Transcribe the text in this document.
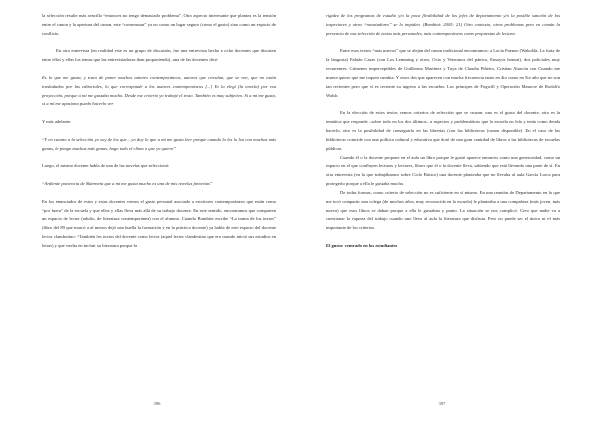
la selección resulte más sencilla “entonces no tengo demasiado problema”. Otro aspecto interesante que plantea es la tensión entre el canon y la apertura del canon, este “consensuar” ya no como un lugar seguro (como el gusto) sino como un espacio de conflicto.

En otra entrevista (en realidad este es un grupo de discusión, fue una entrevista hecha a ocho docentes que discuten entre ellos y ellas los temas que las entrevistadoras iban proponiendo), una de las docentes dice:

Es lo que me gusta, y trato de poner muchos autores contemporáneos, autores que circulan, que se ven, que no están trasladados por las editoriales, lo que corresponde a los autores contemporáneos [...] Yo la elegí (la novela) por esa proyección, porque a mí me gustaba mucho. Desde ese criterio yo trabajé el texto. También es muy subjetivo. Si a mí me gusta, si a mí me apasiona puedo hacerlo ver

Y más adelante:

“Y en cuanto a la selección yo soy de los que... yo doy lo que a mí me gusta leer porque cuando lo les lo lea con muchas más ganas, le pongo muchas más ganas, hago todo el clima o que yo quiero”

Luego, el mismo docente habla de una de las novelas que seleccionó:

“Ardiente paciencia de Skármeta que a mí me gusta mucho es una de mis novelas favoritas”

En los enunciados de estos y estas docentes vemos el gusto personal asociado a escritores contemporáneos que están como “por fuera” de la escuela y que ellos y ellas lleva más allá de su trabajo docente. En este sentido, encontramos que comparten un espacio de lector (adulto, de literatura contemporánea) con el alumno. Cuando Bombini escribe “La trama de los textos” (libro del 89 que marcó a al menos dejó una huella la formación y en la práctica docente) ya habla de este espacio del docente lector clandestino: “También los textos del docente como lector (aquel lector clandestino que era cuando inició sus estudios en letras) y que vuelta en incluir su literatura porque la

396

rigidez de los programas de estudio y/o la poca flexibilidad de los jefes de departamento y/o la posible sanción de los inspectores y otros “novatadores” se lo impiden. (Bombini: 2005: 21) Otro contexto, otros problemas pero en común la presencia de esa selección de textos más personales, más contemporáneos como propuestas de lectura.

Entre esos textos “más nuevos” que se alejan del canon tradicional encontramos: a Lucía Puenzo (Wakolda, La furia de la langosta) Fabián Casas (con Los Lemming y otros, Ocio y Veteranos del pánico, Ensayos bonsai), dos policiales muy recurrentes: Crímenes imperceptibles de Guillermo Martínez y Tuya de Claudia Piñeiro, Cristian Alarcón con Cuando me muera quiero que me toquen cumbia. Y otros dos que aparecen con mucha frecuencia tanto en 4to como en 5to año que no son tan recientes pero que sí es reciente su ingreso a las escuelas: Los príncipes de Fogwill y Operación Masacre de Rodolfo Walsh.

En la elección de estos textos vemos criterios de selección que se cruzan: uno es el gusto del docente, otro es la temática que responde –sobre todo en los dos últimos– a aspectos y problemáticas que la escuela no leía y tenía como deuda hacerlo, otro es la posibilidad de conseguirlo en las librerías (con las bibliotecas (canon disponible). En el caso de las bibliotecas coincide con una política cultural y educativa que dotó de una gran cantidad de libros a las bibliotecas de escuelas públicas.

Cuando él o la docente propone en el aula un libro porque le gustó aparece entonces como una generosidad, como un espacio en el que confluyen lecturas y lectores, libros que él o la docente lleva, sabiendo que está llevando una parte de sí. En otra entrevista (en la que trabajábamos sobre Ciclo Básico) una docente planteaba que no llevaba al aula García Lorca para protegerlo porque a ella le gustaba mucho.

De todas formas, como criterio de selección no es suficiente en sí mismo. En una reunión de Departamento en la que me tocó compartir una colega (de muchos años, muy reconocida en la escuela) le planteaba a una compañera (más joven, más nueva) que esos libros se daban porque a ella le gustaban y punto. La situación se nos complicó. Creo que nadie va a cuestionar la riqueza del trabajo cuando uno lleva al aula la literatura que disfruta. Pero no puede ser el único ni el más importante de los criterios.

El gusto: centrado en los estudiantes

397
